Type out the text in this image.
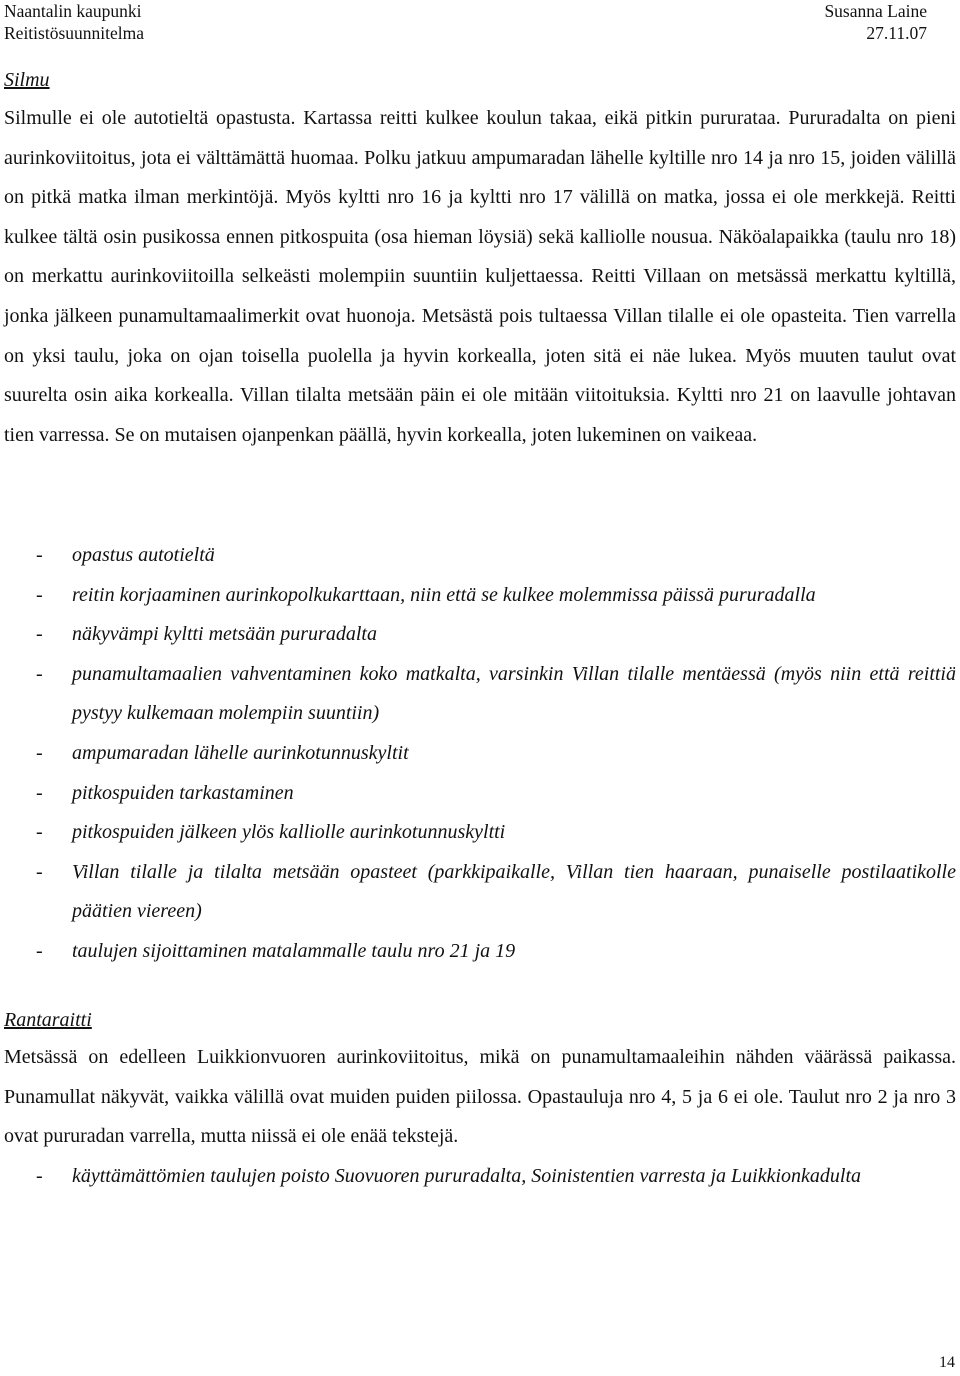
Naantalin kaupunki	Susanna Laine
Reitistösuunnitelma	27.11.07
Silmu

Silmulle ei ole autotieltä opastusta. Kartassa reitti kulkee koulun takaa, eikä pitkin pururataa. Pururadalta on pieni aurinkoviitoitus, jota ei välttämättä huomaa. Polku jatkuu ampumaradan lähelle kyltille nro 14 ja nro 15, joiden välillä on pitkä matka ilman merkintöjä. Myös kyltti nro 16 ja kyltti nro 17 välillä on matka, jossa ei ole merkkejä. Reitti kulkee tältä osin pusikossa ennen pitkospuita (osa hieman löysiä) sekä kalliolle nousua. Näköalapaikka (taulu nro 18) on merkattu aurinkoviitoilla selkeästi molempiin suuntiin kuljettaessa. Reitti Villaan on metsässä merkattu kyltillä, jonka jälkeen punamultamaalimerkit ovat huonoja. Metsästä pois tultaessa Villan tilalle ei ole opasteita. Tien varrella on yksi taulu, joka on ojan toisella puolella ja hyvin korkealla, joten sitä ei näe lukea. Myös muuten taulut ovat suurelta osin aika korkealla. Villan tilalta metsään päin ei ole mitään viitoituksia. Kyltti nro 21 on laavulle johtavan tien varressa. Se on mutaisen ojanpenkan päällä, hyvin korkealla, joten lukeminen on vaikeaa.

- opastus autotieltä
- reitin korjaaminen aurinkopolkukarttaan, niin että se kulkee molemmissa päissä pururadalla
- näkyvämpi kyltti metsään pururadalta
- punamultamaalien vahventaminen koko matkalta, varsinkin Villan tilalle mentäessä (myös niin että reittiä pystyy kulkemaan molempiin suuntiin)
- ampumaradan lähelle aurinkotunnuskyltit
- pitkospuiden tarkastaminen
- pitkospuiden jälkeen ylös kalliolle aurinkotunnuskyltti
- Villan tilalle ja tilalta metsään opasteet (parkkipaikalle, Villan tien haaraan, punaiselle postilaatikolle päätien viereen)
- taulujen sijoittaminen matalammalle taulu nro 21 ja 19
Rantaraitti

Metsässä on edelleen Luikkionvuoren aurinkoviitoitus, mikä on punamultamaaleihin nähden väärässä paikassa. Punamullat näkyvät, vaikka välillä ovat muiden puiden piilossa. Opastauluja nro 4, 5 ja 6 ei ole. Taulut nro 2 ja nro 3 ovat pururadan varrella, mutta niissä ei ole enää tekstejä.

- käyttämättömien taulujen poisto Suovuoren pururadalta, Soinistentien varresta ja Luikkionkadulta
14
